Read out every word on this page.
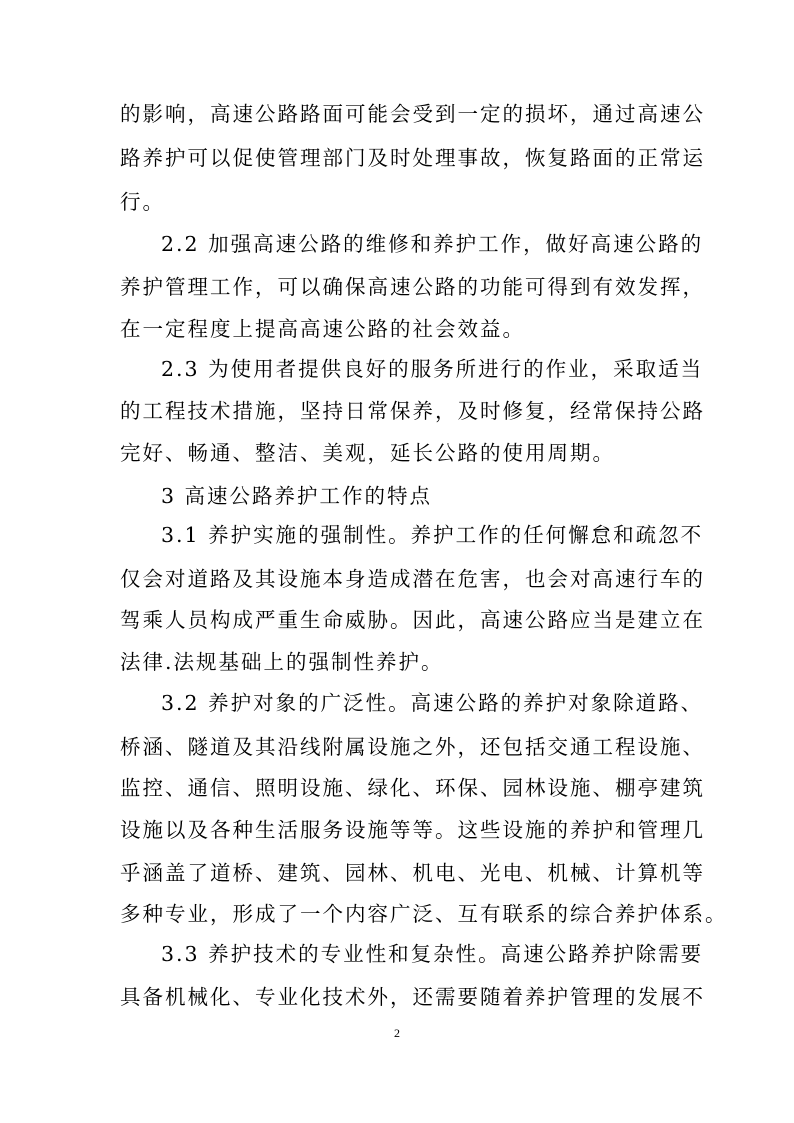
的影响，高速公路路面可能会受到一定的损坏，通过高速公
路养护可以促使管理部门及时处理事故，恢复路面的正常运
行。
2.2 加强高速公路的维修和养护工作，做好高速公路的
养护管理工作，可以确保高速公路的功能可得到有效发挥，
在一定程度上提高高速公路的社会效益。
2.3 为使用者提供良好的服务所进行的作业，采取适当
的工程技术措施，坚持日常保养，及时修复，经常保持公路
完好、畅通、整洁、美观，延长公路的使用周期。
3 高速公路养护工作的特点
3.1 养护实施的强制性。养护工作的任何懈怠和疏忽不
仅会对道路及其设施本身造成潜在危害，也会对高速行车的
驾乘人员构成严重生命威胁。因此，高速公路应当是建立在
法律.法规基础上的强制性养护。
3.2 养护对象的广泛性。高速公路的养护对象除道路、
桥涵、隧道及其沿线附属设施之外，还包括交通工程设施、
监控、通信、照明设施、绿化、环保、园林设施、棚亭建筑
设施以及各种生活服务设施等等。这些设施的养护和管理几
乎涵盖了道桥、建筑、园林、机电、光电、机械、计算机等
多种专业，形成了一个内容广泛、互有联系的综合养护体系。
3.3 养护技术的专业性和复杂性。高速公路养护除需要
具备机械化、专业化技术外，还需要随着养护管理的发展不
2
